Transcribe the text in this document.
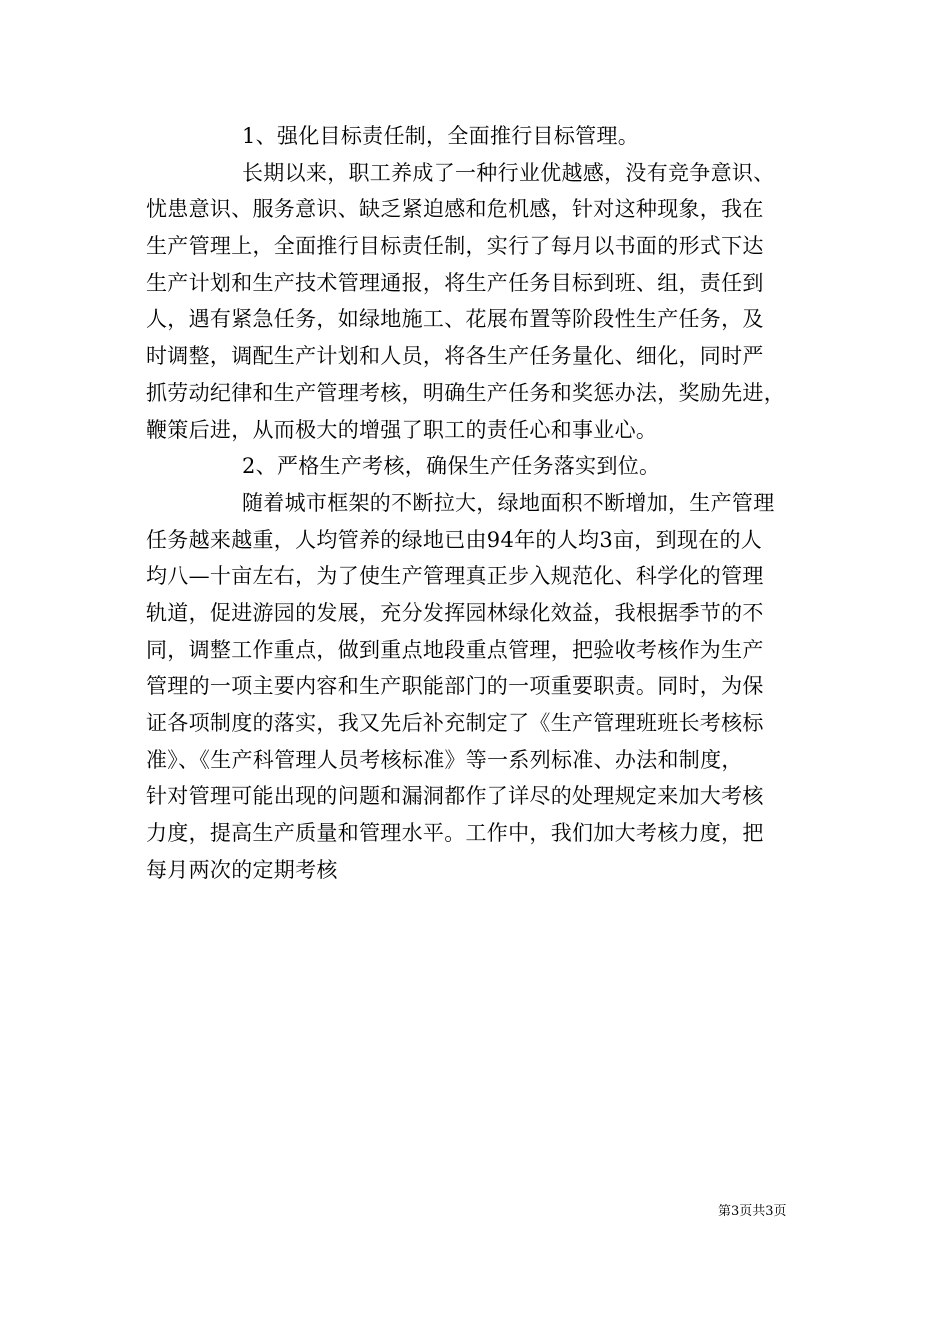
1、强化目标责任制，全面推行目标管理。
长期以来，职工养成了一种行业优越感，没有竞争意识、
忧患意识、服务意识、缺乏紧迫感和危机感，针对这种现象，我在
生产管理上，全面推行目标责任制，实行了每月以书面的形式下达
生产计划和生产技术管理通报，将生产任务目标到班、组，责任到
人，遇有紧急任务，如绿地施工、花展布置等阶段性生产任务，及
时调整，调配生产计划和人员，将各生产任务量化、细化，同时严
抓劳动纪律和生产管理考核，明确生产任务和奖惩办法，奖励先进，
鞭策后进，从而极大的增强了职工的责任心和事业心。
2、严格生产考核，确保生产任务落实到位。
随着城市框架的不断拉大，绿地面积不断增加，生产管理
任务越来越重，人均管养的绿地已由94年的人均3亩，到现在的人
均八—十亩左右，为了使生产管理真正步入规范化、科学化的管理
轨道，促进游园的发展，充分发挥园林绿化效益，我根据季节的不
同，调整工作重点，做到重点地段重点管理，把验收考核作为生产
管理的一项主要内容和生产职能部门的一项重要职责。同时，为保
证各项制度的落实，我又先后补充制定了《生产管理班班长考核标
准》、《生产科管理人员考核标准》等一系列标准、办法和制度，
针对管理可能出现的问题和漏洞都作了详尽的处理规定来加大考核
力度，提高生产质量和管理水平。工作中，我们加大考核力度，把
每月两次的定期考核
第3页共3页
